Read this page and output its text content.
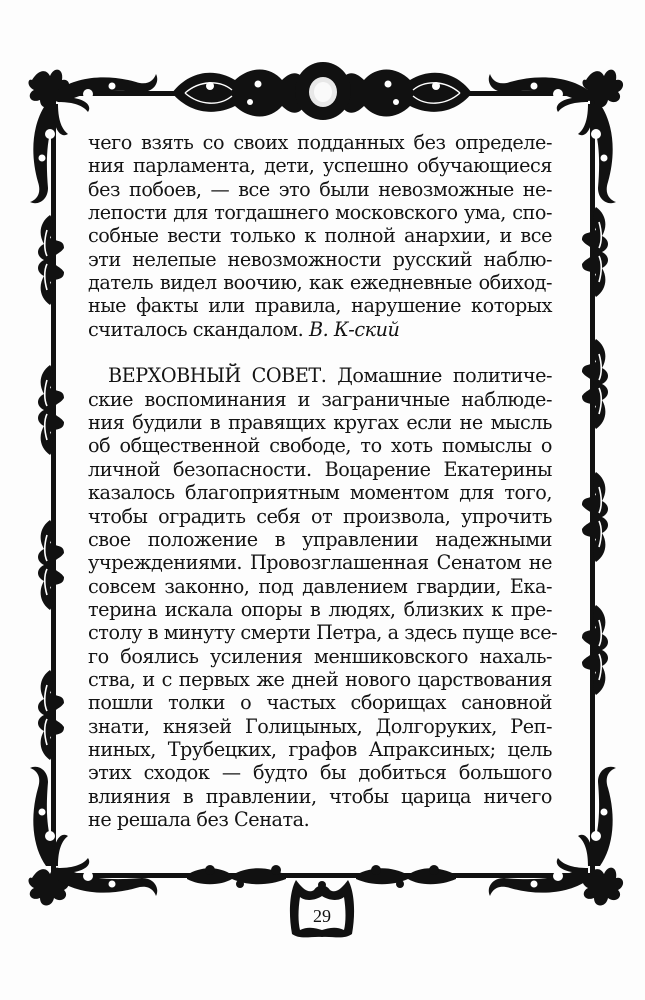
чего взять со своих подданных без определе-
ния парламента, дети, успешно обучающиеся
без побоев, — все это были невозможные не-
лепости для тогдашнего московского ума, спо-
собные вести только к полной анархии, и все
эти нелепые невозможности русский наблю-
датель видел воочию, как ежедневные обиход-
ные факты или правила, нарушение которых
считалось скандалом. В. К-ский
ВЕРХОВНЫЙ СОВЕТ. Домашние политиче-
ские воспоминания и заграничные наблюде-
ния будили в правящих кругах если не мысль
об общественной свободе, то хоть помыслы о
личной безопасности. Воцарение Екатерины
казалось благоприятным моментом для того,
чтобы оградить себя от произвола, упрочить
свое положение в управлении надежными
учреждениями. Провозглашенная Сенатом не
совсем законно, под давлением гвардии, Ека-
терина искала опоры в людях, близких к пре-
столу в минуту смерти Петра, а здесь пуще все-
го боялись усиления меншиковского нахаль-
ства, и с первых же дней нового царствования
пошли толки о частых сборищах сановной
знати, князей Голицыных, Долгоруких, Реп-
ниных, Трубецких, графов Апраксиных; цель
этих сходок — будто бы добиться большого
влияния в правлении, чтобы царица ничего
не решала без Сената.
29
